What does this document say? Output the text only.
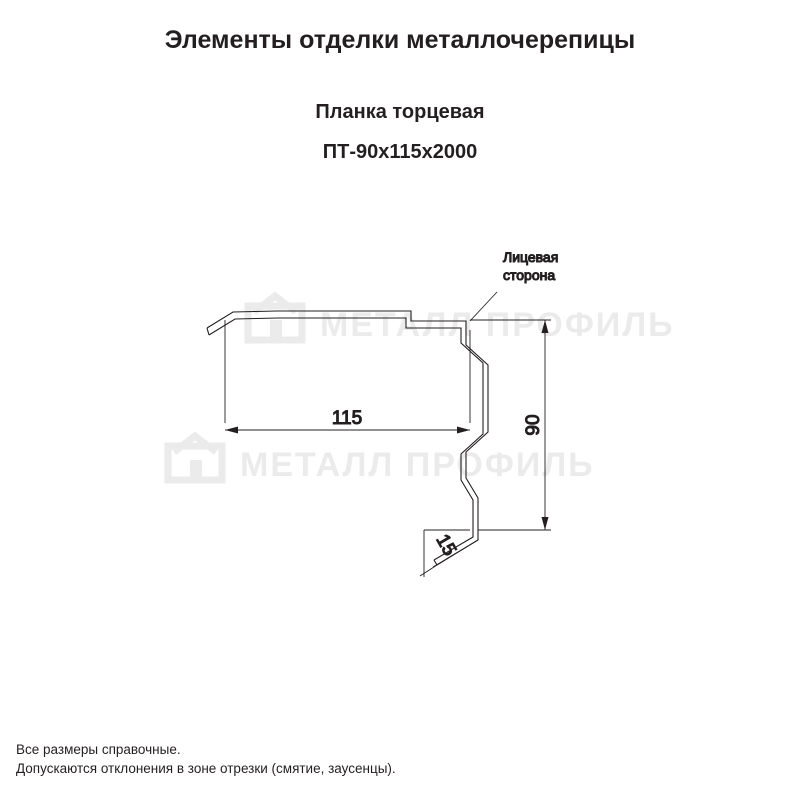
Элементы отделки металлочерепицы
Планка торцевая
ПТ-90х115х2000
МЕТАЛЛ ПРОФИЛЬ
МЕТАЛЛ ПРОФИЛЬ
115	90
15
Лицевая
сторона
Все размеры справочные.
Допускаются отклонения в зоне отрезки (смятие, заусенцы).
